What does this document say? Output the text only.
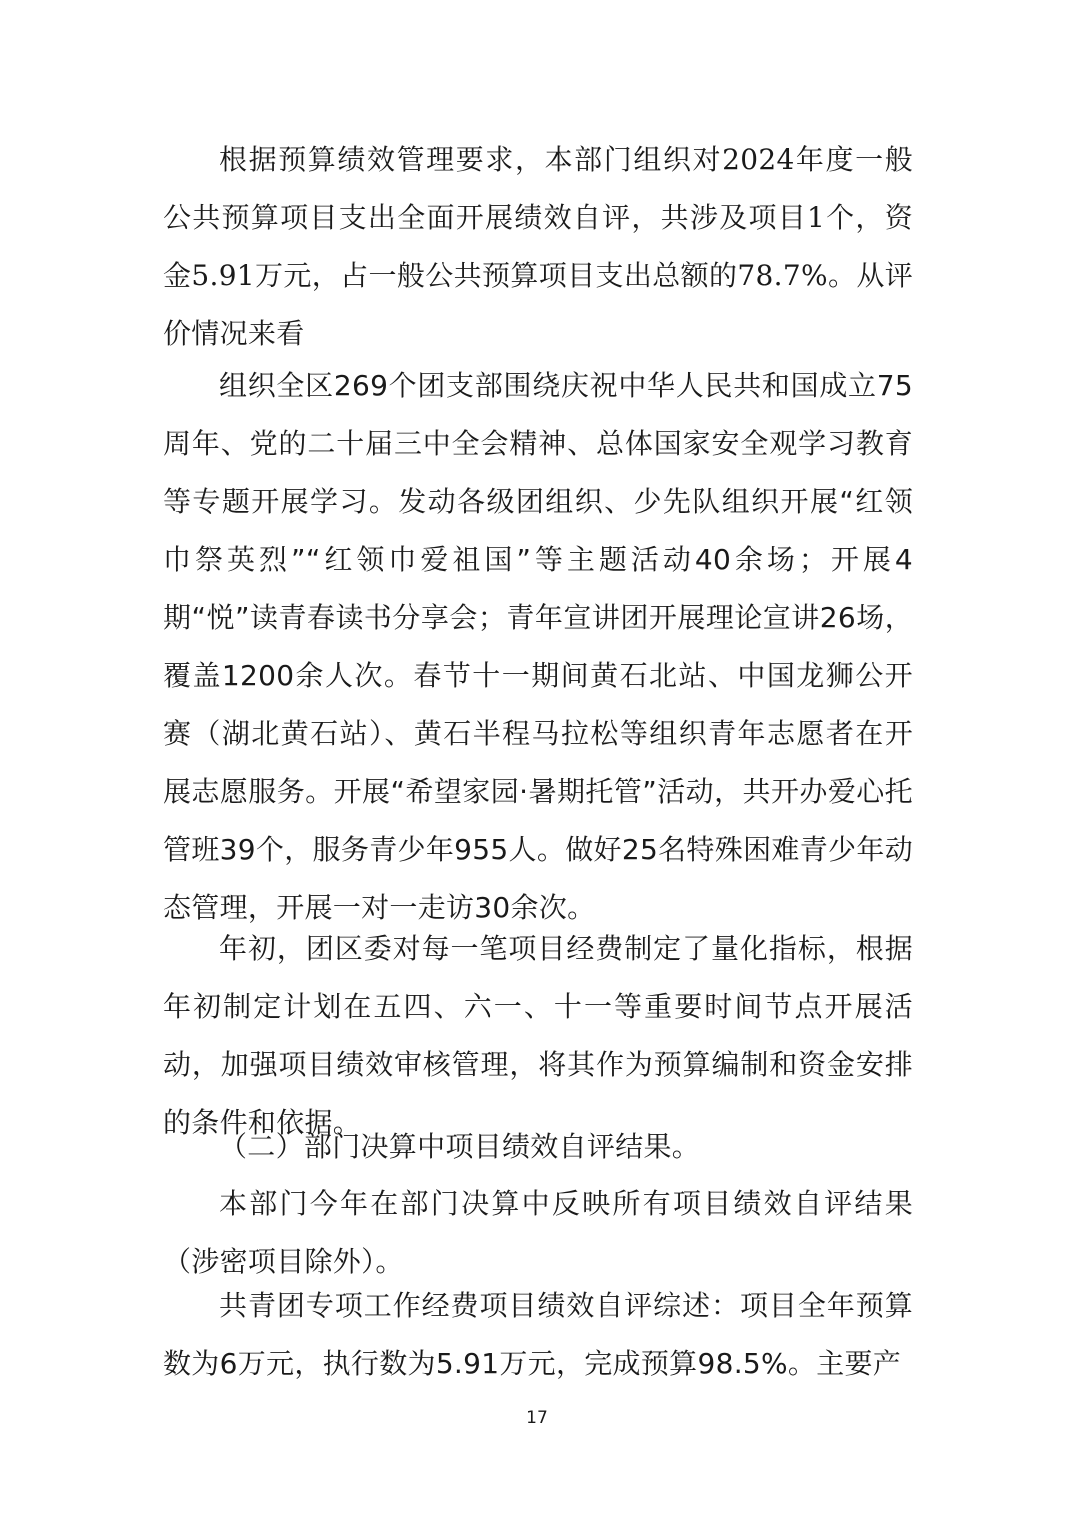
根据预算绩效管理要求，本部门组织对2024年度一般公共预算项目支出全面开展绩效自评，共涉及项目1个，资金5.91万元，占一般公共预算项目支出总额的78.7%。从评价情况来看

组织全区269个团支部围绕庆祝中华人民共和国成立75周年、党的二十届三中全会精神、总体国家安全观学习教育等专题开展学习。发动各级团组织、少先队组织开展“红领巾祭英烈”“红领巾爱祖国”等主题活动40余场；开展4期“悦”读青春读书分享会；青年宣讲团开展理论宣讲26场，覆盖1200余人次。春节十一期间黄石北站、中国龙狮公开赛（湖北黄石站）、黄石半程马拉松等组织青年志愿者在开展志愿服务。开展“希望家园·暑期托管”活动，共开办爱心托管班39个，服务青少年955人。做好25名特殊困难青少年动态管理，开展一对一走访30余次。

年初，团区委对每一笔项目经费制定了量化指标，根据年初制定计划在五四、六一、十一等重要时间节点开展活动，加强项目绩效审核管理，将其作为预算编制和资金安排的条件和依据。

（二）部门决算中项目绩效自评结果。

本部门今年在部门决算中反映所有项目绩效自评结果（涉密项目除外）。

共青团专项工作经费项目绩效自评综述：项目全年预算数为6万元，执行数为5.91万元，完成预算98.5%。主要产

17
